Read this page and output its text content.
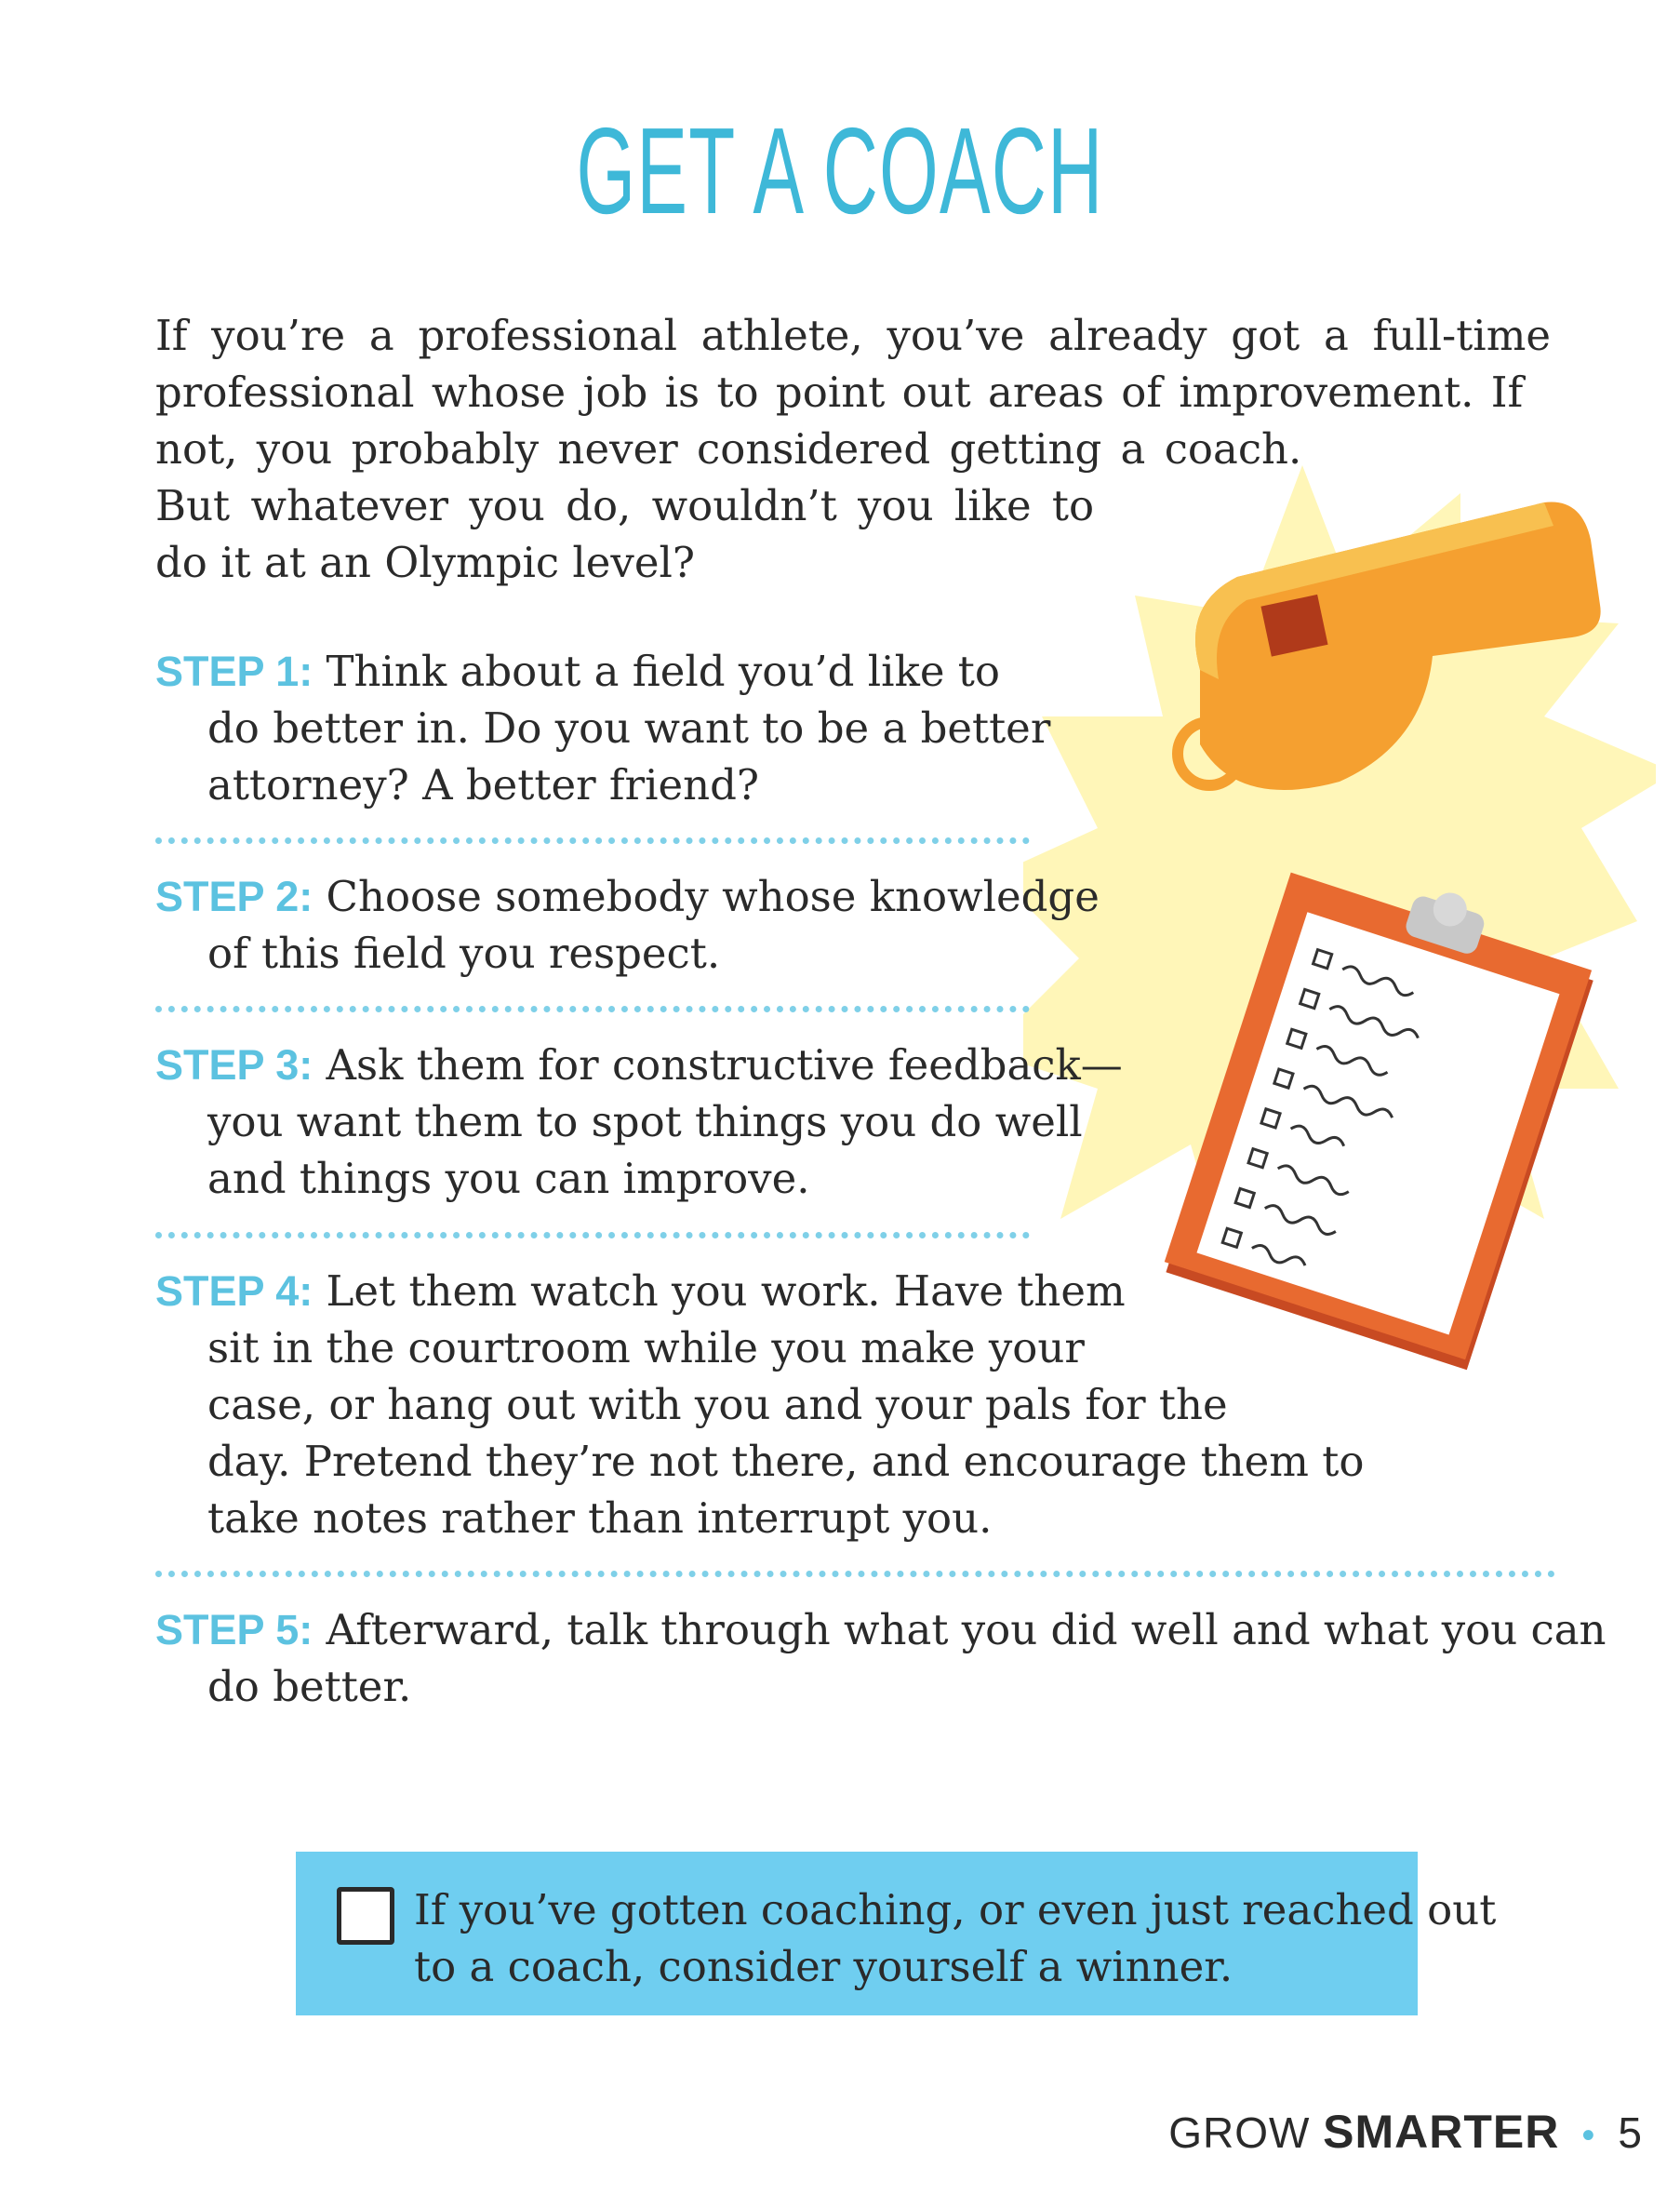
GET A COACH
If you’re a professional athlete, you’ve already got a full-time
professional whose job is to point out areas of improvement. If
not, you probably never considered getting a coach.
But whatever you do, wouldn’t you like to
do it at an Olympic level?
STEP 1: Think about a field you’d like to
do better in. Do you want to be a better
attorney? A better friend?
STEP 2: Choose somebody whose knowledge
of this field you respect.
STEP 3: Ask them for constructive feedback—
you want them to spot things you do well
and things you can improve.
STEP 4: Let them watch you work. Have them
sit in the courtroom while you make your
case, or hang out with you and your pals for the
day. Pretend they’re not there, and encourage them to
take notes rather than interrupt you.
STEP 5: Afterward, talk through what you did well and what you can
do better.
If you’ve gotten coaching, or even just reached out
to a coach, consider yourself a winner.
GROW SMARTER • 5
